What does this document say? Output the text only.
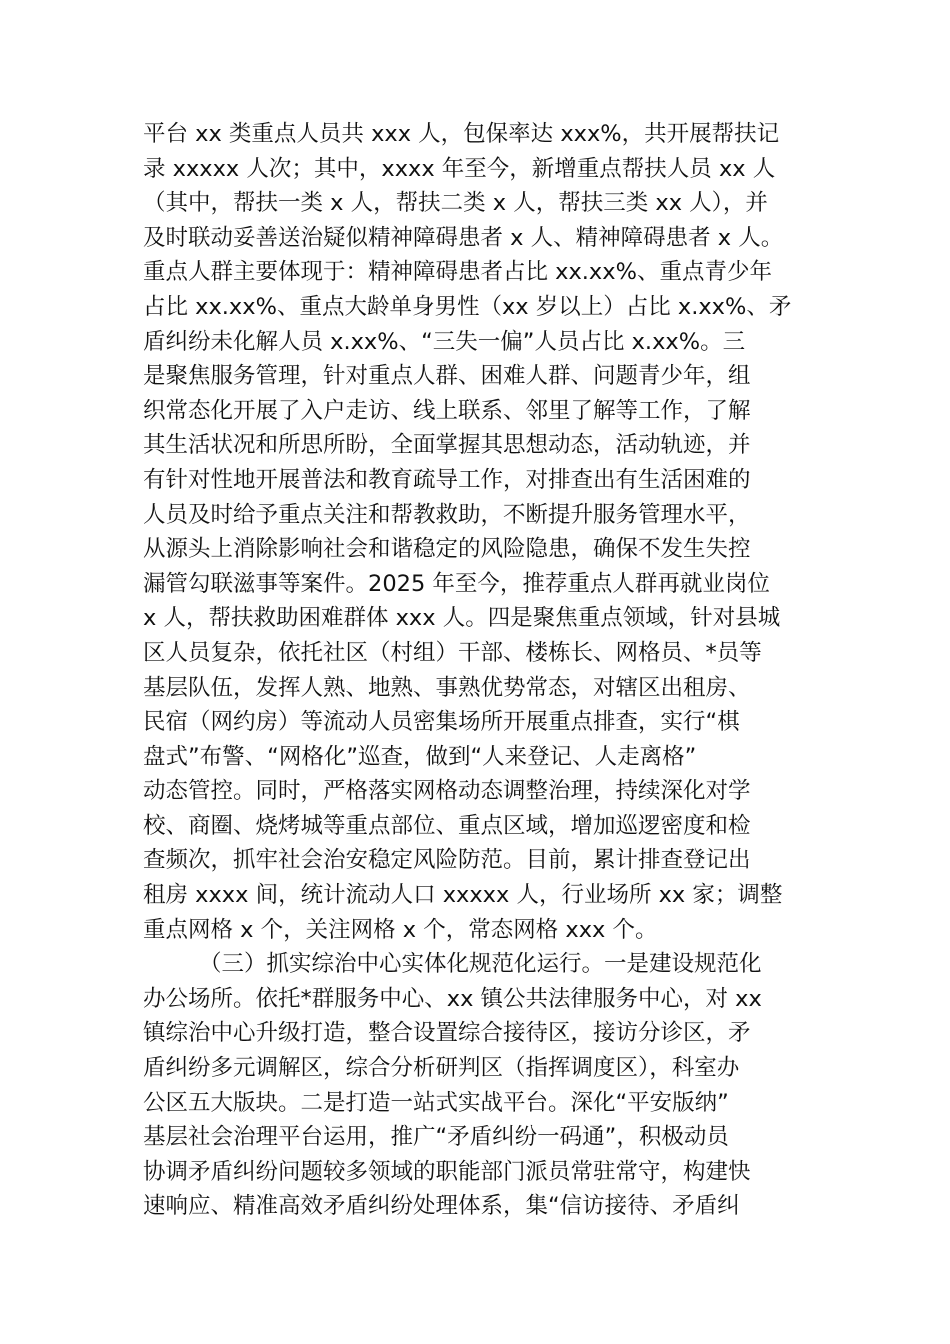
平台 xx 类重点人员共 xxx 人，包保率达 xxx%，共开展帮扶记
录 xxxxx 人次；其中，xxxx 年至今，新增重点帮扶人员 xx 人
（其中，帮扶一类 x 人，帮扶二类 x 人，帮扶三类 xx 人），并
及时联动妥善送治疑似精神障碍患者 x 人、精神障碍患者 x 人。
重点人群主要体现于：精神障碍患者占比 xx.xx%、重点青少年
占比 xx.xx%、重点大龄单身男性（xx 岁以上）占比 x.xx%、矛
盾纠纷未化解人员 x.xx%、“三失一偏”人员占比 x.xx%。三
是聚焦服务管理，针对重点人群、困难人群、问题青少年，组
织常态化开展了入户走访、线上联系、邻里了解等工作，了解
其生活状况和所思所盼，全面掌握其思想动态，活动轨迹，并
有针对性地开展普法和教育疏导工作，对排查出有生活困难的
人员及时给予重点关注和帮教救助，不断提升服务管理水平，
从源头上消除影响社会和谐稳定的风险隐患，确保不发生失控
漏管勾联滋事等案件。2025 年至今，推荐重点人群再就业岗位
x 人，帮扶救助困难群体 xxx 人。四是聚焦重点领域，针对县城
区人员复杂，依托社区（村组）干部、楼栋长、网格员、*员等
基层队伍，发挥人熟、地熟、事熟优势常态，对辖区出租房、
民宿（网约房）等流动人员密集场所开展重点排查，实行“棋
盘式”布警、“网格化”巡查，做到“人来登记、人走离格”
动态管控。同时，严格落实网格动态调整治理，持续深化对学
校、商圈、烧烤城等重点部位、重点区域，增加巡逻密度和检
查频次，抓牢社会治安稳定风险防范。目前，累计排查登记出
租房 xxxx 间，统计流动人口 xxxxx 人，行业场所 xx 家；调整
重点网格 x 个，关注网格 x 个，常态网格 xxx 个。
（三）抓实综治中心实体化规范化运行。一是建设规范化
办公场所。依托*群服务中心、xx 镇公共法律服务中心，对 xx
镇综治中心升级打造，整合设置综合接待区，接访分诊区，矛
盾纠纷多元调解区，综合分析研判区（指挥调度区），科室办
公区五大版块。二是打造一站式实战平台。深化“平安版纳”
基层社会治理平台运用，推广“矛盾纠纷一码通”，积极动员
协调矛盾纠纷问题较多领域的职能部门派员常驻常守，构建快
速响应、精准高效矛盾纠纷处理体系，集“信访接待、矛盾纠
